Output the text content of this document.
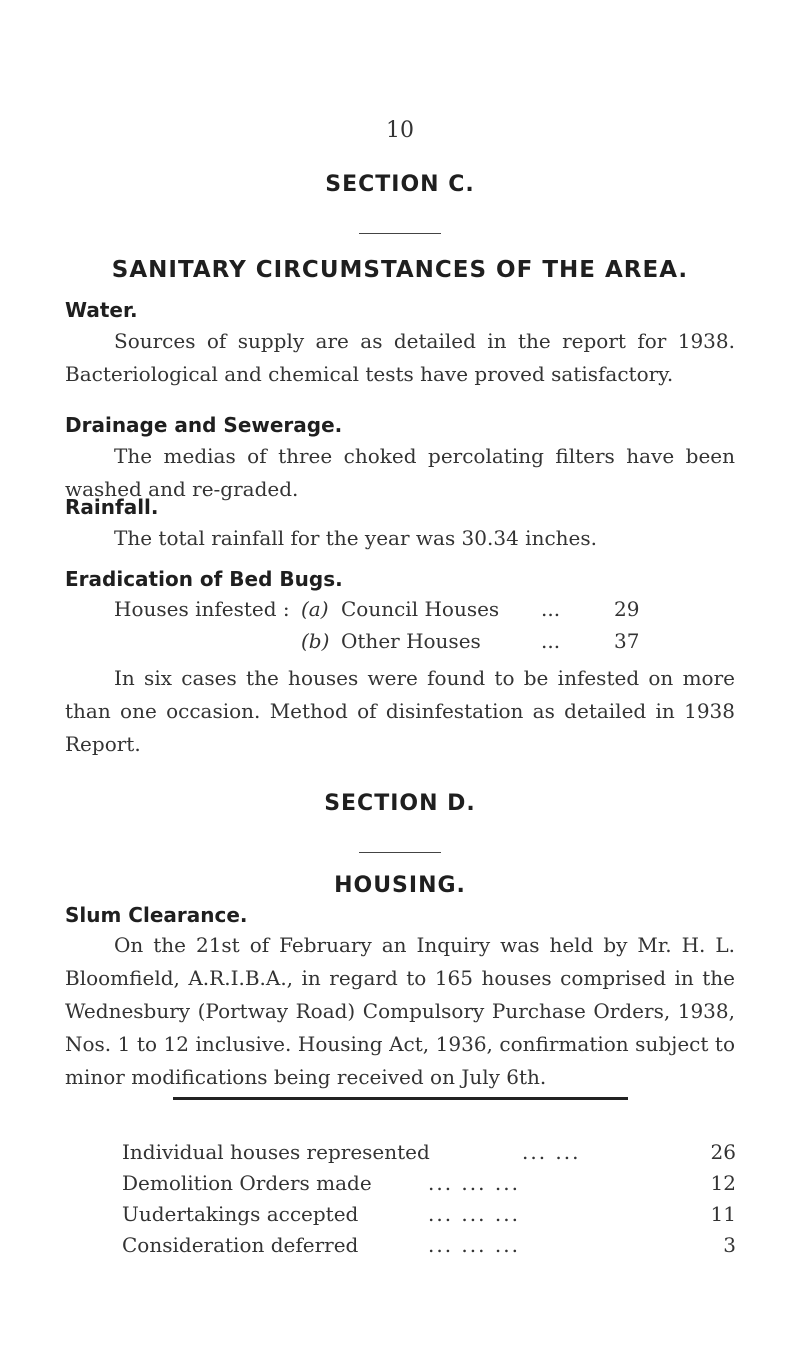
10
SECTION C.
SANITARY CIRCUMSTANCES OF THE AREA.
Water.
Sources of supply are as detailed in the report for 1938. Bacteriological and chemical tests have proved satisfactory.
Drainage and Sewerage.
The medias of three choked percolating filters have been washed and re-graded.
Rainfall.
The total rainfall for the year was 30.34 inches.
Eradication of Bed Bugs.
Houses infested : (a) Council Houses ...	29
(b) Other Houses	...	37
In six cases the houses were found to be infested on more than one occasion. Method of disinfestation as detailed in 1938 Report.
SECTION D.
HOUSING.
Slum Clearance.
On the 21st of February an Inquiry was held by Mr. H. L. Bloomfield, A.R.I.B.A., in regard to 165 houses comprised in the Wednesbury (Portway Road) Compulsory Purchase Orders, 1938, Nos. 1 to 12 inclusive. Housing Act, 1936, confirmation subject to minor modifications being received on July 6th.
Individual houses represented	... ...	26
Demolition Orders made	... ... ...	12
Uudertakings accepted	... ... ...	11
Consideration deferred	... ... ...	3
